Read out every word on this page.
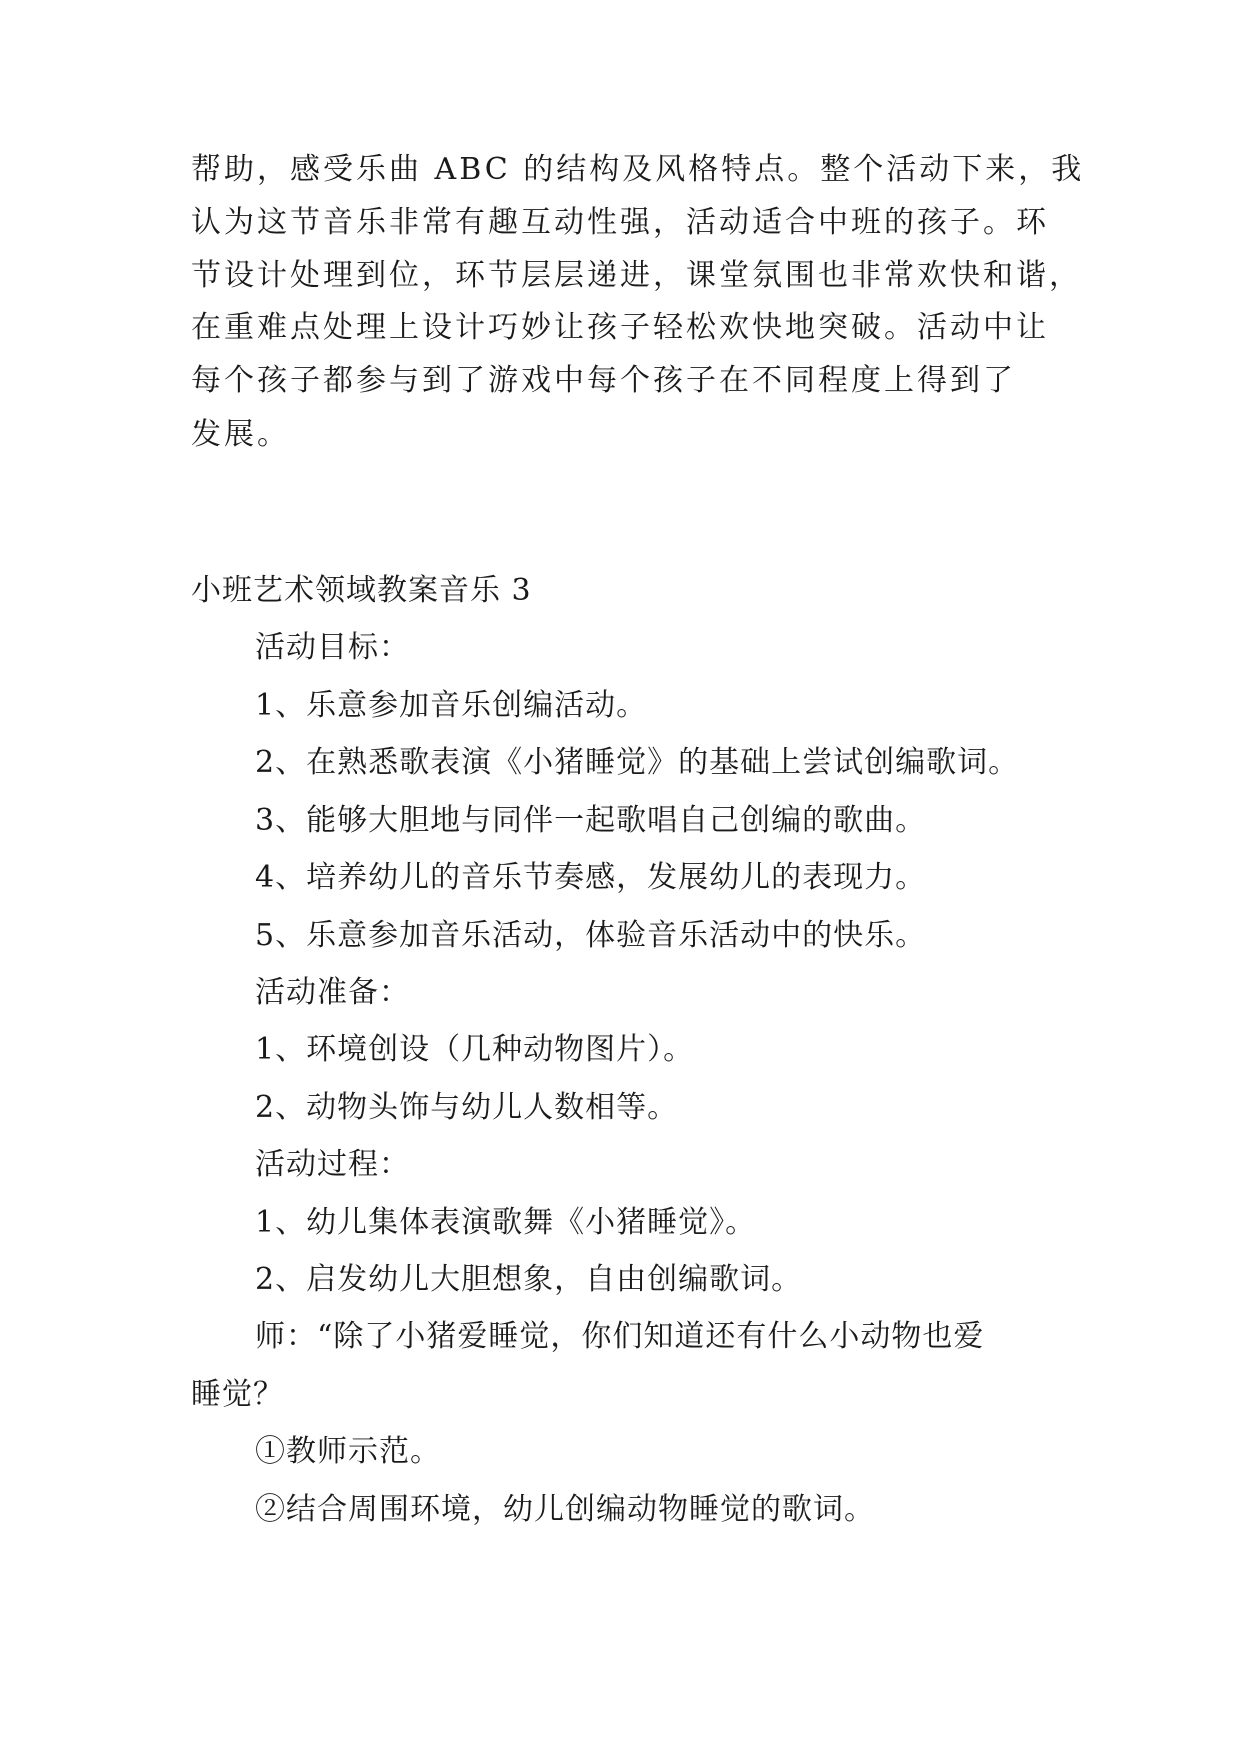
帮助，感受乐曲 ABC 的结构及风格特点。整个活动下来，我
认为这节音乐非常有趣互动性强，活动适合中班的孩子。环
节设计处理到位，环节层层递进，课堂氛围也非常欢快和谐，
在重难点处理上设计巧妙让孩子轻松欢快地突破。活动中让
每个孩子都参与到了游戏中每个孩子在不同程度上得到了
发展。
小班艺术领域教案音乐 3
活动目标：
1、乐意参加音乐创编活动。
2、在熟悉歌表演《小猪睡觉》的基础上尝试创编歌词。
3、能够大胆地与同伴一起歌唱自己创编的歌曲。
4、培养幼儿的音乐节奏感，发展幼儿的表现力。
5、乐意参加音乐活动，体验音乐活动中的快乐。
活动准备：
1、环境创设（几种动物图片）。
2、动物头饰与幼儿人数相等。
活动过程：
1、幼儿集体表演歌舞《小猪睡觉》。
2、启发幼儿大胆想象，自由创编歌词。
师：“除了小猪爱睡觉，你们知道还有什么小动物也爱
睡觉？
①教师示范。
②结合周围环境，幼儿创编动物睡觉的歌词。
